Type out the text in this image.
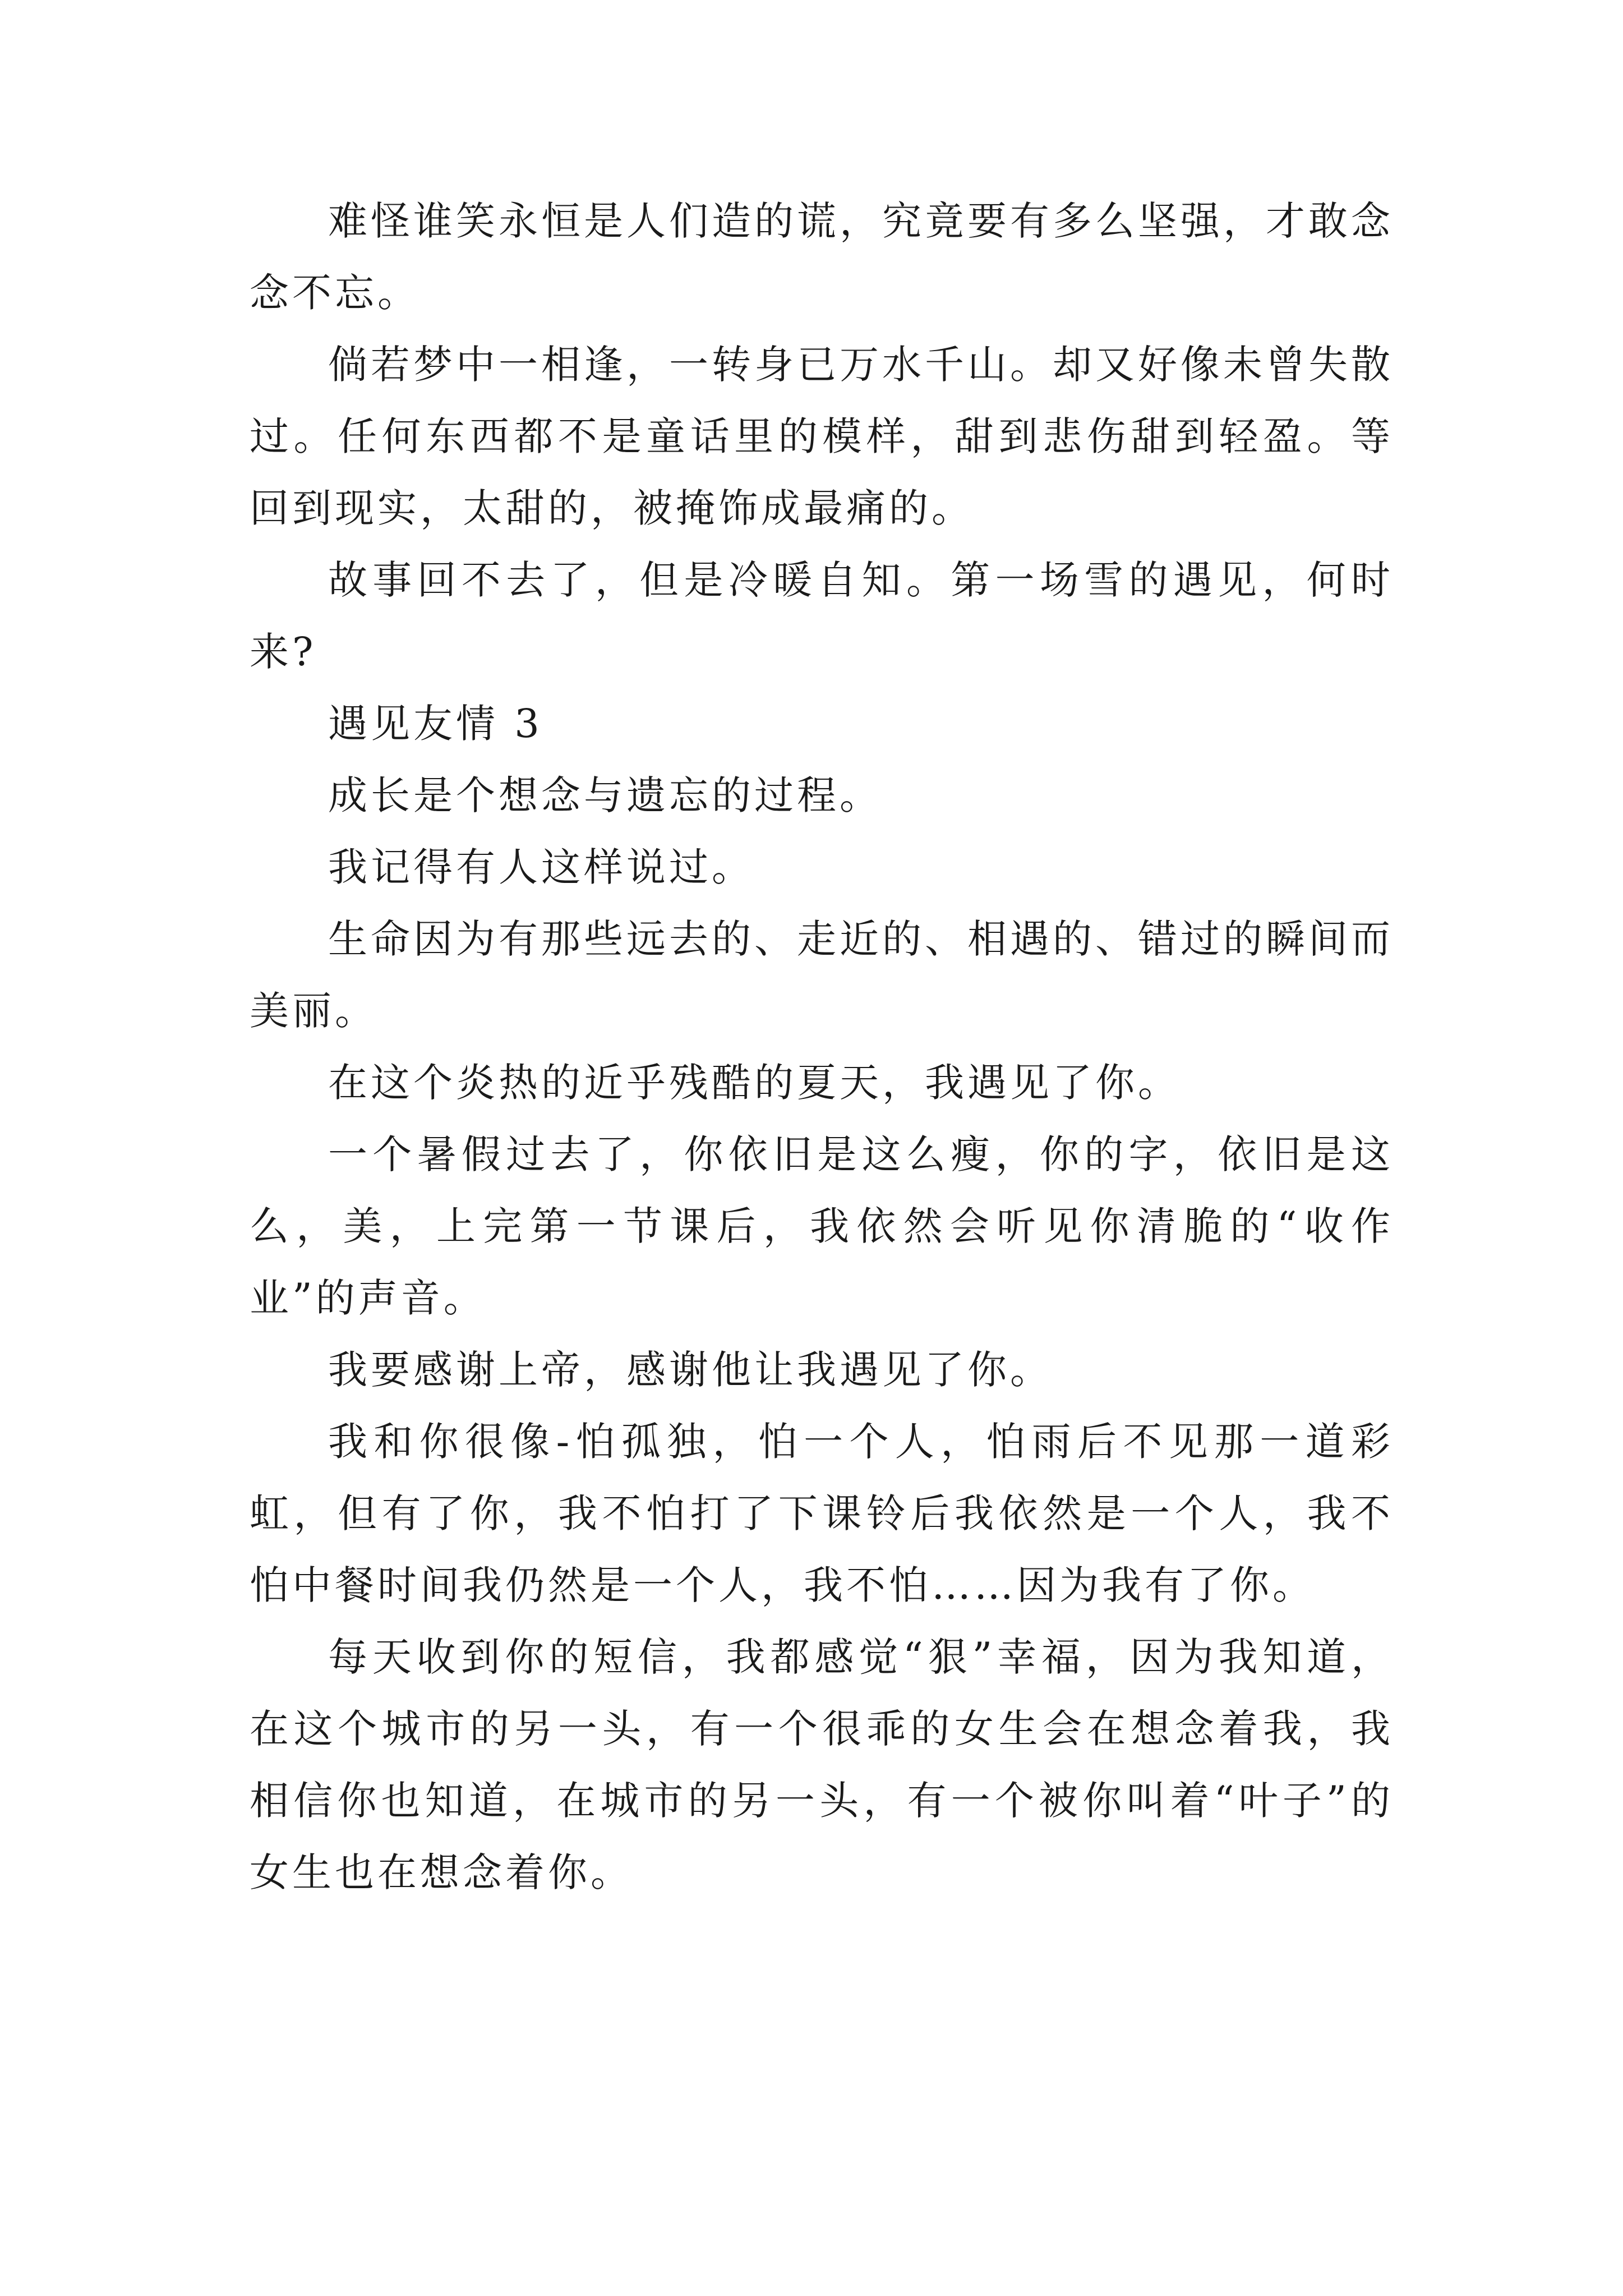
难怪谁笑永恒是人们造的谎，究竟要有多么坚强，才敢念念不忘。

倘若梦中一相逢，一转身已万水千山。却又好像未曾失散过。任何东西都不是童话里的模样，甜到悲伤甜到轻盈。等回到现实，太甜的，被掩饰成最痛的。

故事回不去了，但是冷暖自知。第一场雪的遇见，何时来?

遇见友情 3

成长是个想念与遗忘的过程。

我记得有人这样说过。

生命因为有那些远去的、走近的、相遇的、错过的瞬间而美丽。

在这个炎热的近乎残酷的夏天，我遇见了你。

一个暑假过去了，你依旧是这么瘦，你的字，依旧是这么，美，上完第一节课后，我依然会听见你清脆的“收作业”的声音。

我要感谢上帝，感谢他让我遇见了你。

我和你很像-怕孤独，怕一个人，怕雨后不见那一道彩虹，但有了你，我不怕打了下课铃后我依然是一个人，我不怕中餐时间我仍然是一个人，我不怕……因为我有了你。

每天收到你的短信，我都感觉“狠”幸福，因为我知道，在这个城市的另一头，有一个很乖的女生会在想念着我，我相信你也知道，在城市的另一头，有一个被你叫着“叶子”的女生也在想念着你。
